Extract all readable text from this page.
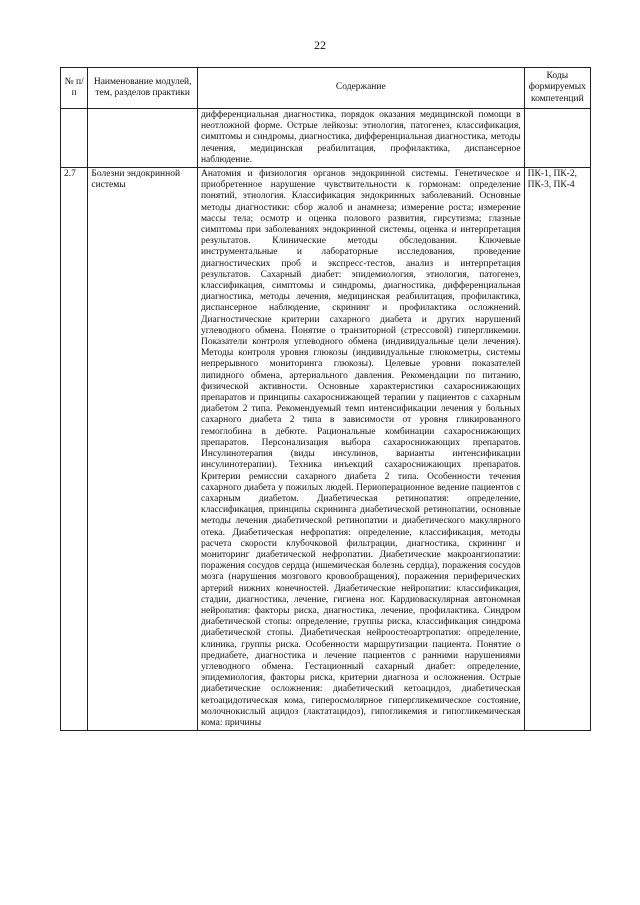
22
№ п/п	Наименование модулей, тем, разделов практики	Содержание	Коды формируемых компетенций
		дифференциальная диагностика, порядок оказания медицинской помощи в неотложной форме. Острые лейкозы: этиология, патогенез, классификация, симптомы и синдромы, диагностика, дифференциальная диагностика, методы лечения, медицинская реабилитация, профилактика, диспансерное наблюдение.	
2.7	Болезни эндокринной системы	Анатомия и физиология органов эндокринной системы. Генетическое и приобретенное нарушение чувствительности к гормонам: определение понятий, этиология. Классификация эндокринных заболеваний. Основные методы диагностики: сбор жалоб и анамнеза; измерение роста; измерение массы тела; осмотр и оценка полового развития, гирсутизма; глазные симптомы при заболеваниях эндокринной системы, оценка и интерпретация результатов. Клинические методы обследования. Ключевые инструментальные и лабораторные исследования, проведение диагностических проб и экспресс-тестов, анализ и интерпретация результатов. Сахарный диабет: эпидемиология, этиология, патогенез, классификация, симптомы и синдромы, диагностика, дифференциальная диагностика, методы лечения, медицинская реабилитация, профилактика, диспансерное наблюдение, скрининг и профилактика осложнений. Диагностические критерии сахарного диабета и других нарушений углеводного обмена. Понятие о транзиторной (стрессовой) гипергликемии. Показатели контроля углеводного обмена (индивидуальные цели лечения). Методы контроля уровня глюкозы (индивидуальные глюкометры, системы непрерывного мониторинга глюкозы). Целевые уровни показателей липидного обмена, артериального давления. Рекомендации по питанию, физической активности. Основные характеристики сахароснижающих препаратов и принципы сахароснижающей терапии у пациентов с сахарным диабетом 2 типа. Рекомендуемый темп интенсификации лечения у больных сахарного диабета 2 типа в зависимости от уровня гликированного гемоглобина в дебюте. Рациональные комбинации сахароснижающих препаратов. Персонализация выбора сахароснижающих препаратов. Инсулинотерапия (виды инсулинов, варианты интенсификации инсулинотерапии). Техника инъекций сахароснижающих препаратов. Критерии ремиссии сахарного диабета 2 типа. Особенности течения сахарного диабета у пожилых людей. Периоперационное ведение пациентов с сахарным диабетом. Диабетическая ретинопатия: определение, классификация, принципы скрининга диабетической ретинопатии, основные методы лечения диабетической ретинопатии и диабетического макулярного отека. Диабетическая нефропатия: определение, классификация, методы расчета скорости клубочковой фильтрации, диагностика, скрининг и мониторинг диабетической нефропатии. Диабетические макроангиопатии: поражения сосудов сердца (ишемическая болезнь сердца), поражения сосудов мозга (нарушения мозгового кровообращения), поражения периферических артерий нижних конечностей. Диабетические нейропатии: классификация, стадии, диагностика, лечение, гигиена ног. Кардиоваскулярная автономная нейропатия: факторы риска, диагностика, лечение, профилактика. Синдром диабетической стопы: определение, группы риска, классификация синдрома диабетической стопы. Диабетическая нейроостеоартропатия: определение, клиника, группы риска. Особенности маршрутизации пациента. Понятие о предиабете, диагностика и лечение пациентов с ранними нарушениями углеводного обмена. Гестационный сахарный диабет: определение, эпидемиология, факторы риска, критерии диагноза и осложнения. Острые диабетические осложнения: диабетический кетоацидоз, диабетическая кетоацидотическая кома, гиперосмолярное гипергликемическое состояние, молочнокислый ацидоз (лактатацидоз), гипогликемия и гипогликемическая кома: причины	ПК-1, ПК-2, ПК-3, ПК-4
